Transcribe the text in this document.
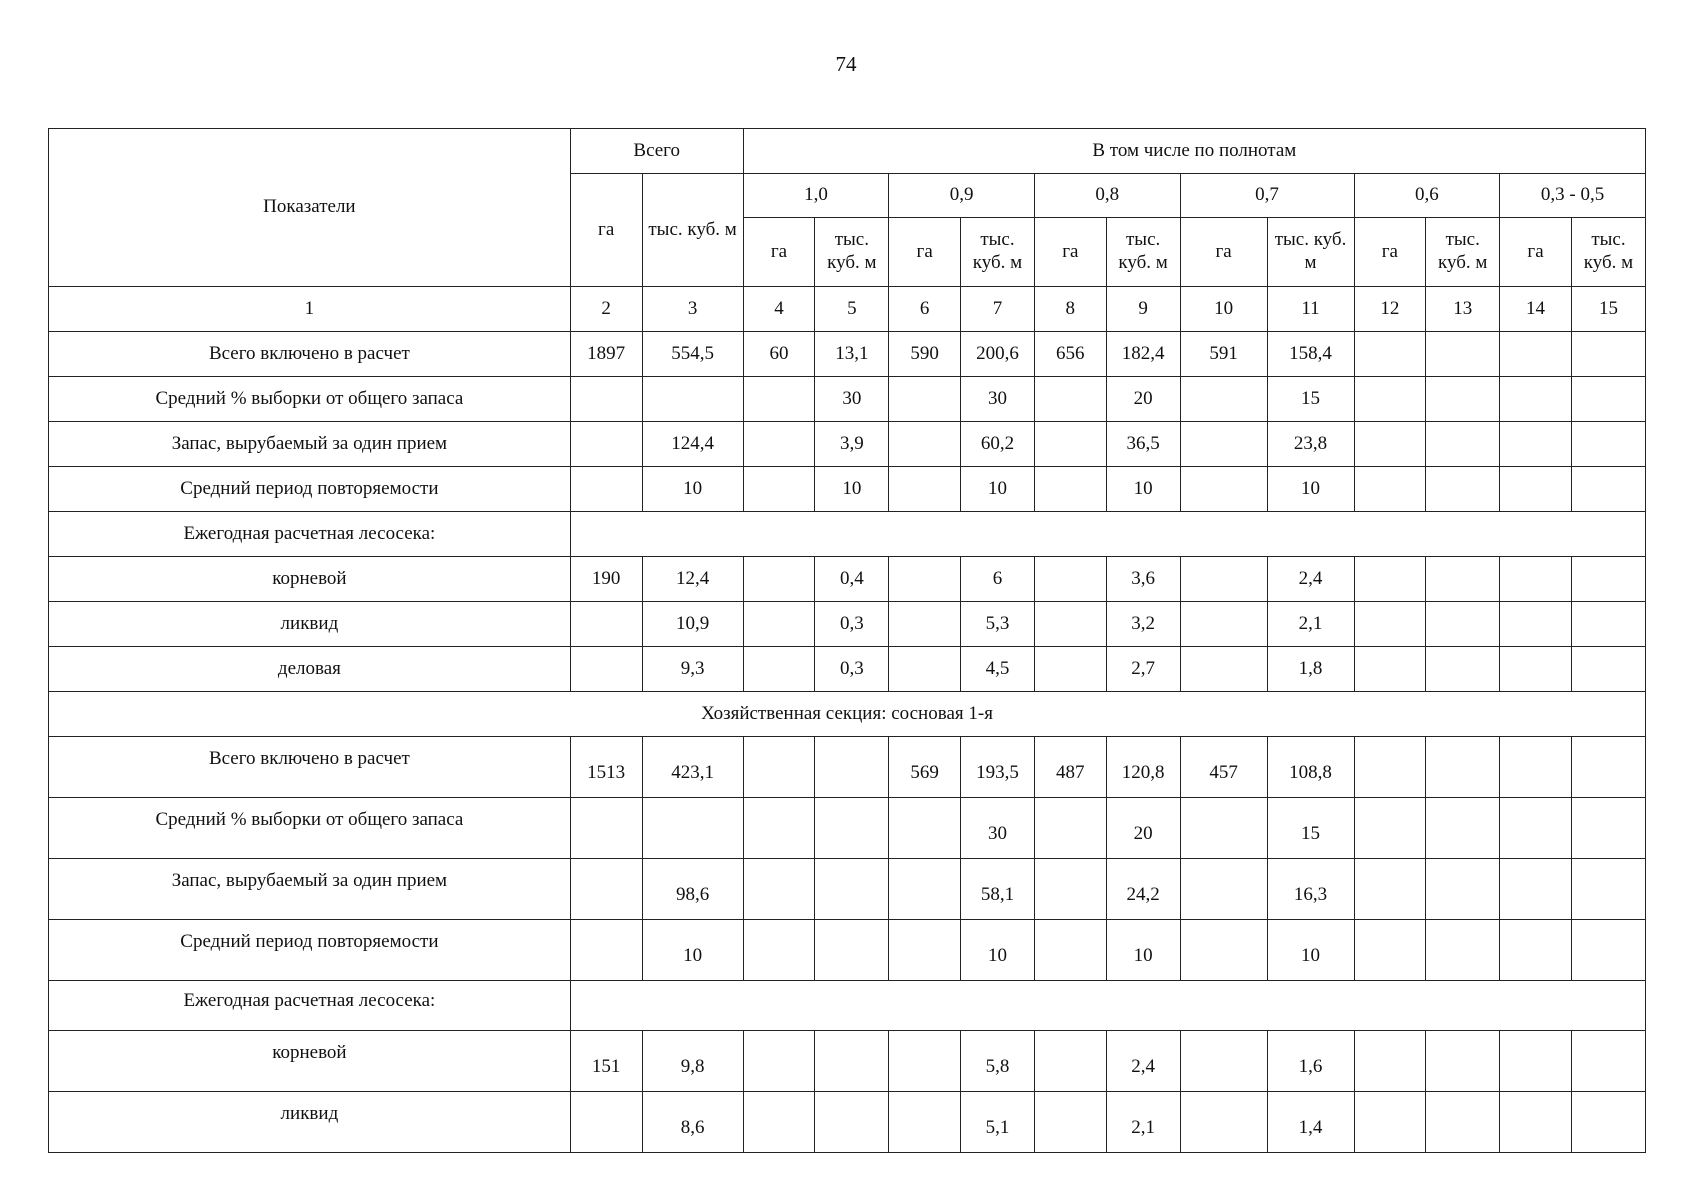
74
Показатели	Всего		В том числе по полнотам											
	га	тыс. куб. м	1,0		0,9		0,8		0,7		0,6		0,3 - 0,5	
			га	тыс. куб. м	га	тыс. куб. м	га	тыс. куб. м	га	тыс. куб. м	га	тыс. куб. м	га	тыс. куб. м
1	2	3	4	5	6	7	8	9	10	11	12	13	14	15
Всего включено в расчет	1897	554,5	60	13,1	590	200,6	656	182,4	591	158,4				
Средний % выборки от общего запаса				30		30		20		15				
Запас, вырубаемый за один прием		124,4		3,9		60,2		36,5		23,8				
Средний период повторяемости		10		10		10		10		10				
Ежегодная расчетная лесосека:														
корневой	190	12,4		0,4		6		3,6		2,4				
ликвид		10,9		0,3		5,3		3,2		2,1				
деловая		9,3		0,3		4,5		2,7		1,8				
Хозяйственная секция: сосновая 1-я														
Всего включено в расчет	1513	423,1			569	193,5	487	120,8	457	108,8				
Средний % выборки от общего запаса						30		20		15				
Запас, вырубаемый за один прием		98,6				58,1		24,2		16,3				
Средний период повторяемости		10				10		10		10				
Ежегодная расчетная лесосека:														
корневой	151	9,8				5,8		2,4		1,6				
ликвид		8,6				5,1		2,1		1,4				
